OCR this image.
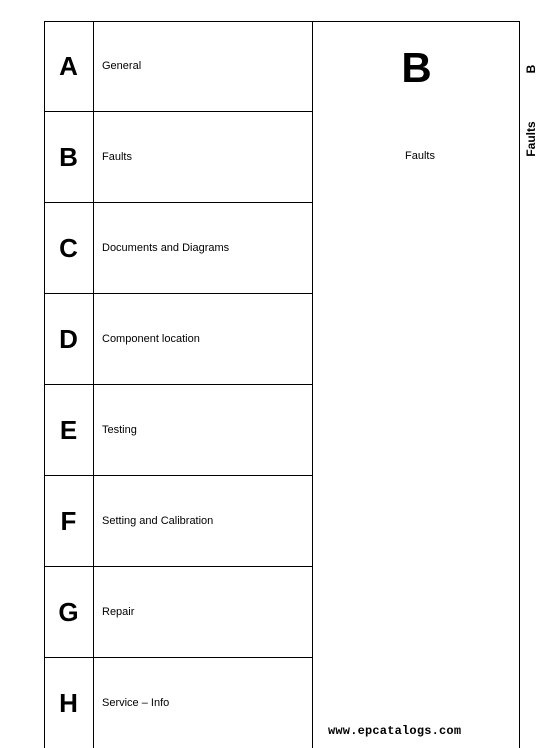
A	General
B	Faults
C	Documents and Diagrams
D	Component location
E	Testing
F	Setting and Calibration
G	Repair
H	Service – Info
B
Faults
B
Faults
www.epcatalogs.com
